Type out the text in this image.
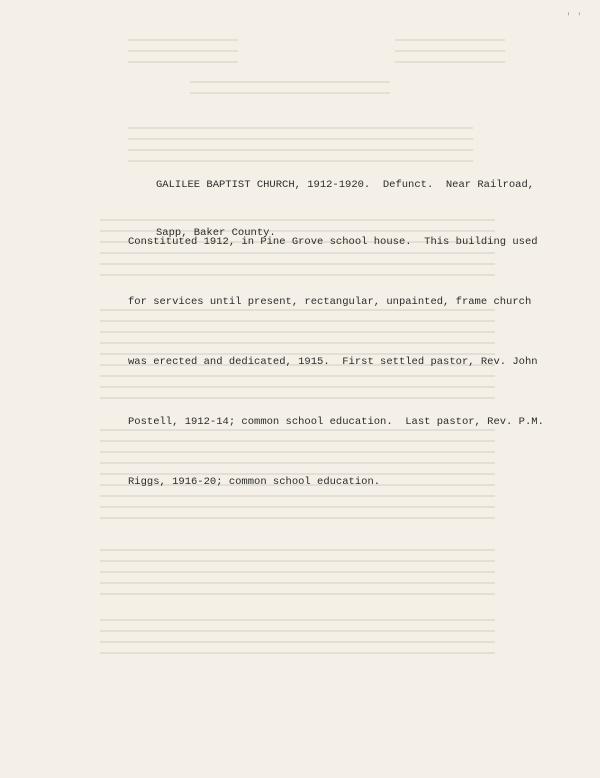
' '

GALILEE BAPTIST CHURCH, 1912-1920.  Defunct.  Near Railroad,

Sapp, Baker County.

Constituted 1912, in Pine Grove school house.  This building used

for services until present, rectangular, unpainted, frame church

was erected and dedicated, 1915.  First settled pastor, Rev. John

Postell, 1912-14; common school education.  Last pastor, Rev. P.M.

Riggs, 1916-20; common school education.
